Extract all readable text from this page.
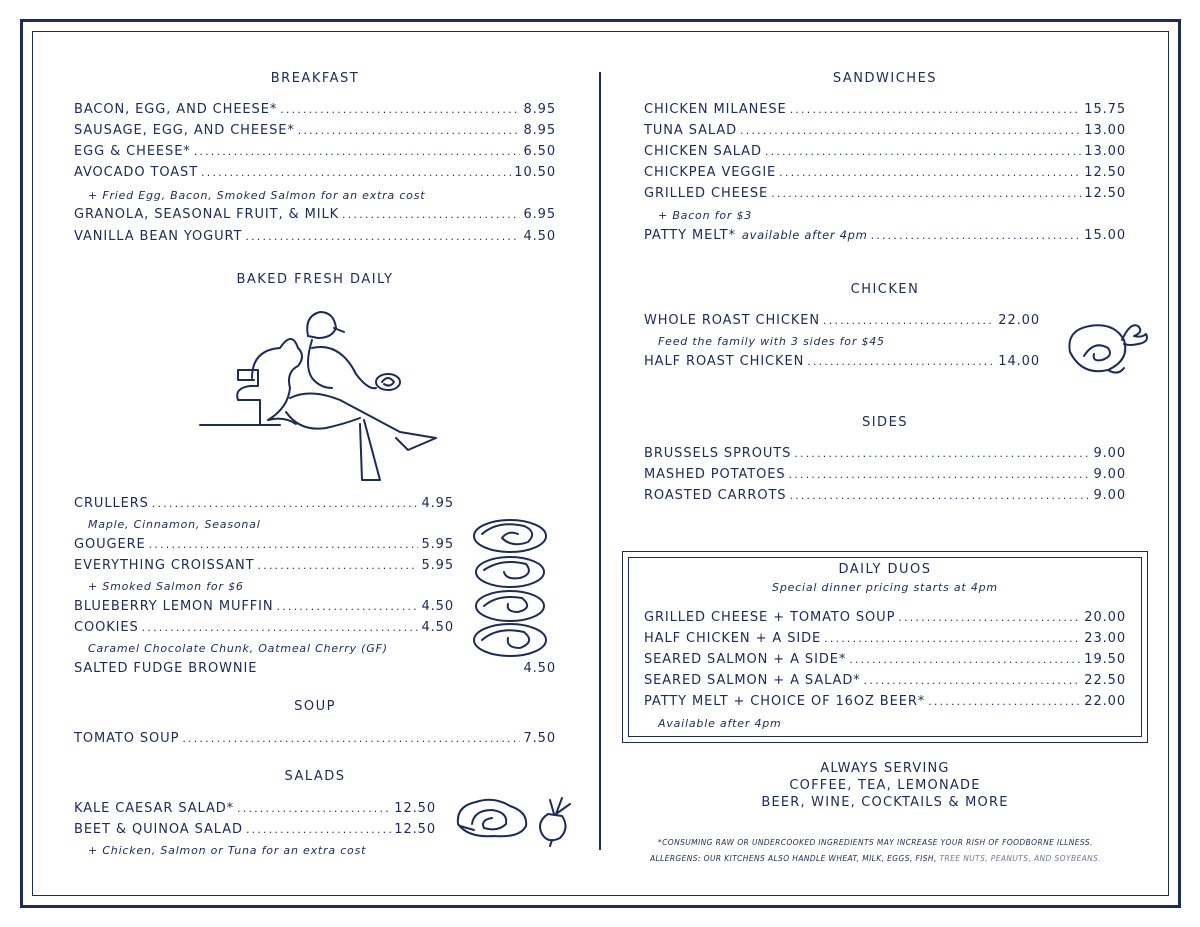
BREAKFAST
BACON, EGG, AND CHEESE* .....	8.95
SAUSAGE, EGG, AND CHEESE* .....	8.95
EGG & CHEESE* .....	6.50
AVOCADO TOAST .....	10.50
+ Fried Egg, Bacon, Smoked Salmon for an extra cost
GRANOLA, SEASONAL FRUIT, & MILK .....	6.95
VANILLA BEAN YOGURT .....	4.50
BAKED FRESH DAILY
CRULLERS .....	4.95
Maple, Cinnamon, Seasonal
GOUGERE .....	5.95
EVERYTHING CROISSANT .....	5.95
+ Smoked Salmon for $6
BLUEBERRY LEMON MUFFIN .....	4.50
COOKIES .....	4.50
Caramel Chocolate Chunk, Oatmeal Cherry (GF)
SALTED FUDGE BROWNIE	4.50
SOUP
TOMATO SOUP .....	7.50
SALADS
KALE CAESAR SALAD* .....	12.50
BEET & QUINOA SALAD .....	12.50
+ Chicken, Salmon or Tuna for an extra cost
SANDWICHES
CHICKEN MILANESE .....	15.75
TUNA SALAD .....	13.00
CHICKEN SALAD .....	13.00
CHICKPEA VEGGIE .....	12.50
GRILLED CHEESE .....	12.50
+ Bacon for $3
PATTY MELT* available after 4pm .....	15.00
CHICKEN
WHOLE ROAST CHICKEN .....	22.00
Feed the family with 3 sides for $45
HALF ROAST CHICKEN .....	14.00
SIDES
BRUSSELS SPROUTS .....	9.00
MASHED POTATOES .....	9.00
ROASTED CARROTS .....	9.00
DAILY DUOS
Special dinner pricing starts at 4pm
GRILLED CHEESE + TOMATO SOUP .....	20.00
HALF CHICKEN + A SIDE .....	23.00
SEARED SALMON + A SIDE* .....	19.50
SEARED SALMON + A SALAD* .....	22.50
PATTY MELT + CHOICE OF 16OZ BEER* .....	22.00
Available after 4pm
ALWAYS SERVING
COFFEE, TEA, LEMONADE
BEER, WINE, COCKTAILS & MORE
*CONSUMING RAW OR UNDERCOOKED INGREDIENTS MAY INCREASE YOUR RISH OF FOODBORNE ILLNESS.
ALLERGENS: OUR KITCHENS ALSO HANDLE WHEAT, MILK, EGGS, FISH, TREE NUTS, PEANUTS, AND SOYBEANS.
